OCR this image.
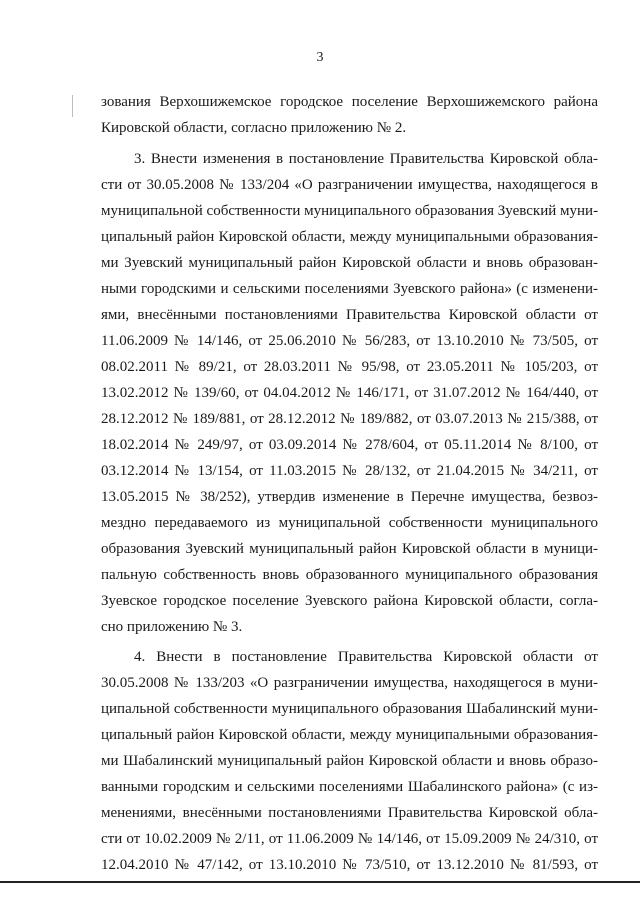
3
зования Верхошижемское городское поселение Верхошижемского района
Кировской области, согласно приложению № 2.
3. Внести изменения в постановление Правительства Кировской обла-
сти от 30.05.2008 № 133/204 «О разграничении имущества, находящегося в
муниципальной собственности муниципального образования Зуевский муни-
ципальный район Кировской области, между муниципальными образования-
ми Зуевский муниципальный район Кировской области и вновь образован-
ными городскими и сельскими поселениями Зуевского района» (с изменени-
ями, внесёнными постановлениями Правительства Кировской области от
11.06.2009 № 14/146, от 25.06.2010 № 56/283, от 13.10.2010 № 73/505, от
08.02.2011 № 89/21, от 28.03.2011 № 95/98, от 23.05.2011 № 105/203, от
13.02.2012 № 139/60, от 04.04.2012 № 146/171, от 31.07.2012 № 164/440, от
28.12.2012 № 189/881, от 28.12.2012 № 189/882, от 03.07.2013 № 215/388, от
18.02.2014 № 249/97, от 03.09.2014 № 278/604, от 05.11.2014 № 8/100, от
03.12.2014 № 13/154, от 11.03.2015 № 28/132, от 21.04.2015 № 34/211, от
13.05.2015 № 38/252), утвердив изменение в Перечне имущества, безвоз-
мездно передаваемого из муниципальной собственности муниципального
образования Зуевский муниципальный район Кировской области в муници-
пальную собственность вновь образованного муниципального образования
Зуевское городское поселение Зуевского района Кировской области, согла-
сно приложению № 3.
4. Внести в постановление Правительства Кировской области от
30.05.2008 № 133/203 «О разграничении имущества, находящегося в муни-
ципальной собственности муниципального образования Шабалинский муни-
ципальный район Кировской области, между муниципальными образования-
ми Шабалинский муниципальный район Кировской области и вновь образо-
ванными городским и сельскими поселениями Шабалинского района» (с из-
менениями, внесёнными постановлениями Правительства Кировской обла-
сти от 10.02.2009 № 2/11, от 11.06.2009 № 14/146, от 15.09.2009 № 24/310, от
12.04.2010 № 47/142, от 13.10.2010 № 73/510, от 13.12.2010 № 81/593, от
